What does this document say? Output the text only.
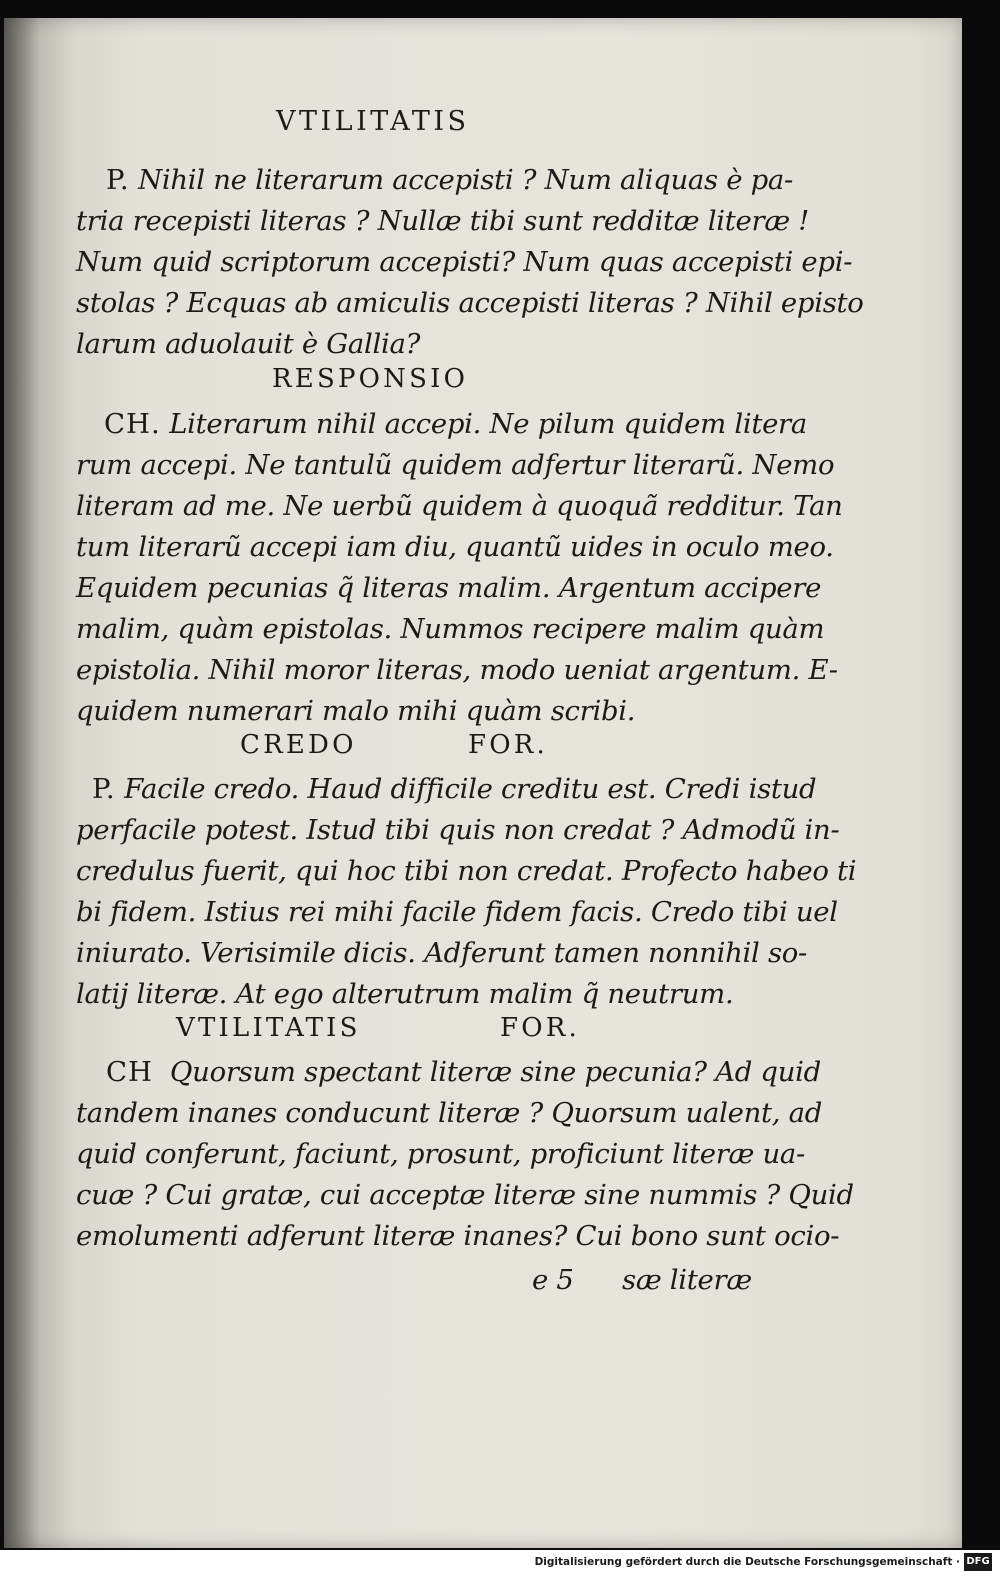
VTILITATIS
P. Nihil ne literarum accepisti ? Num aliquas è pa-
tria recepisti literas ? Nullæ tibi sunt redditæ literæ !
Num quid scriptorum accepisti? Num quas accepisti epi-
stolas ? Ecquas ab amiculis accepisti literas ? Nihil episto
larum aduolauit è Gallia?
RESPONSIO
CH. Literarum nihil accepi. Ne pilum quidem litera
rum accepi. Ne tantulũ quidem adfertur literarũ. Nemo
literam ad me. Ne uerbũ quidem à quoquã redditur. Tan
tum literarũ accepi iam diu, quantũ uides in oculo meo.
Equidem pecunias q̃ literas malim. Argentum accipere
malim, quàm epistolas. Nummos recipere malim quàm
epistolia. Nihil moror literas, modo ueniat argentum. E-
quidem numerari malo mihi quàm scribi.
CREDO	FOR.
P. Facile credo. Haud difficile creditu est. Credi istud
perfacile potest. Istud tibi quis non credat ? Admodũ in-
credulus fuerit, qui hoc tibi non credat. Profecto habeo ti
bi fidem. Istius rei mihi facile fidem facis. Credo tibi uel
iniurato. Verisimile dicis. Adferunt tamen nonnihil so-
latij literæ. At ego alterutrum malim q̃ neutrum.
VTILITATIS	FOR.
CH Quorsum spectant literæ sine pecunia? Ad quid
tandem inanes conducunt literæ ? Quorsum ualent, ad
quid conferunt, faciunt, prosunt, proficiunt literæ ua-
cuæ ? Cui gratæ, cui acceptæ literæ sine nummis ? Quid
emolumenti adferunt literæ inanes? Cui bono sunt ocio-
e 5 sæ literæ
Digitalisierung gefördert durch die Deutsche Forschungsgemeinschaft · DFG
